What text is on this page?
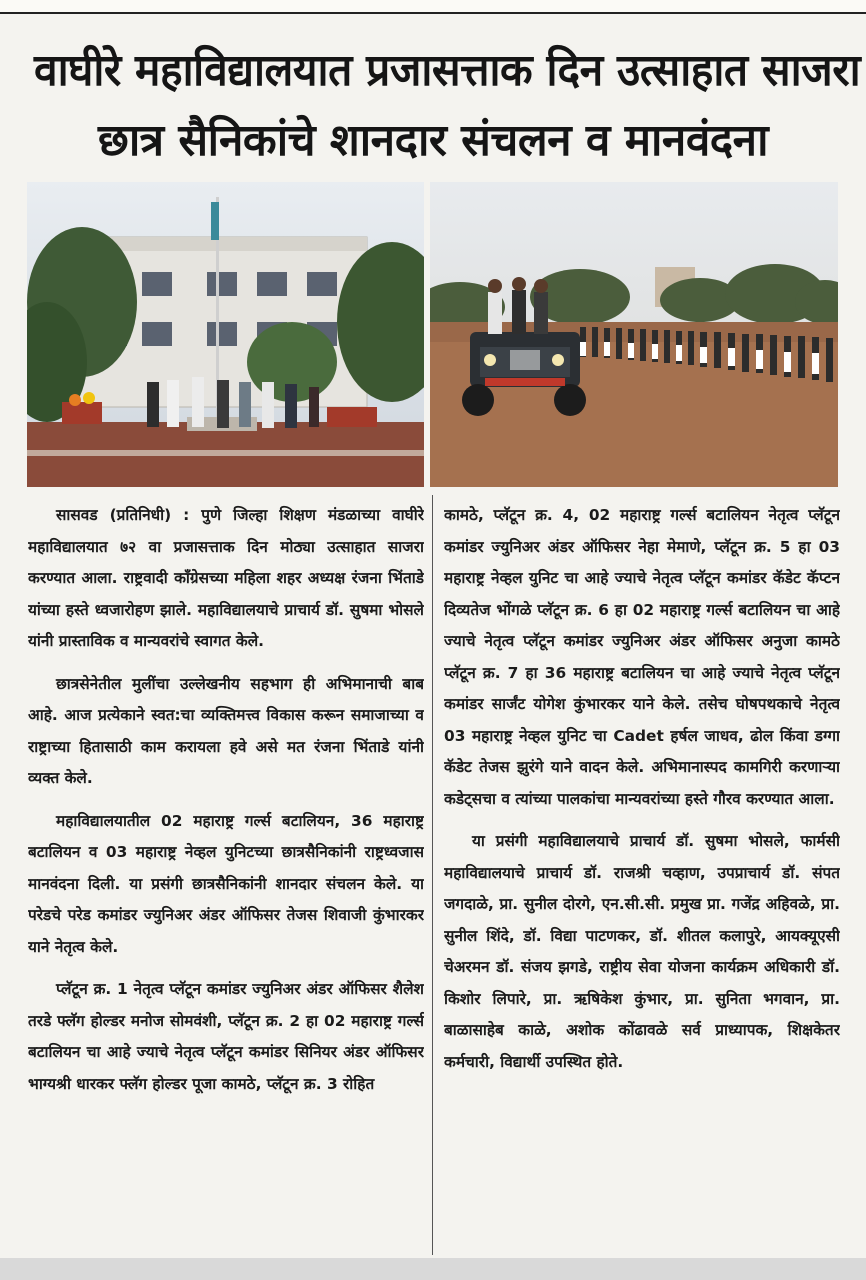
वाघीरे महाविद्यालयात प्रजासत्ताक दिन उत्साहात साजरा
छात्र सैनिकांचे शानदार संचलन व मानवंदना

सासवड (प्रतिनिधी) : पुणे जिल्हा शिक्षण मंडळाच्या वाघीरे महाविद्यालयात ७२ वा प्रजासत्ताक दिन मोठ्या उत्साहात साजरा करण्यात आला. राष्ट्रवादी काँग्रेसच्या महिला शहर अध्यक्ष रंजना भिंताडे यांच्या हस्ते ध्वजारोहण झाले. महाविद्यालयाचे प्राचार्य डॉ. सुषमा भोसले यांनी प्रास्ताविक व मान्यवरांचे स्वागत केले.

छात्रसेनेतील मुलींचा उल्लेखनीय सहभाग ही अभिमानाची बाब आहे. आज प्रत्येकाने स्वत:चा व्यक्तिमत्त्व विकास करून समाजाच्या व राष्ट्राच्या हितासाठी काम करायला हवे असे मत रंजना भिंताडे यांनी व्यक्त केले.

महाविद्यालयातील 02 महाराष्ट्र गर्ल्स बटालियन, 36 महाराष्ट्र बटालियन व 03 महाराष्ट्र नेव्हल युनिटच्या छात्रसैनिकांनी राष्ट्रध्वजास मानवंदना दिली. या प्रसंगी छात्रसैनिकांनी शानदार संचलन केले. या परेडचे परेड कमांडर ज्युनिअर अंडर ऑफिसर तेजस शिवाजी कुंभारकर याने नेतृत्व केले.

प्लॅटून क्र. 1 नेतृत्व प्लॅटून कमांडर ज्युनिअर अंडर ऑफिसर शैलेश तरडे फ्लॅग होल्डर मनोज सोमवंशी, प्लॅटून क्र. 2 हा 02 महाराष्ट्र गर्ल्स बटालियन चा आहे ज्याचे नेतृत्व प्लॅटून कमांडर सिनियर अंडर ऑफिसर भाग्यश्री धारकर फ्लॅग होल्डर पूजा कामठे, प्लॅटून क्र. 3 रोहित

कामठे, प्लॅटून क्र. 4, 02 महाराष्ट्र गर्ल्स बटालियन नेतृत्व प्लॅटून कमांडर ज्युनिअर अंडर ऑफिसर नेहा मेमाणे, प्लॅटून क्र. 5 हा 03 महाराष्ट्र नेव्हल युनिट चा आहे ज्याचे नेतृत्व प्लॅटून कमांडर कॅडेट कॅप्टन दिव्यतेज भोंगळे प्लॅटून क्र. 6 हा 02 महाराष्ट्र गर्ल्स बटालियन चा आहे ज्याचे नेतृत्व प्लॅटून कमांडर ज्युनिअर अंडर ऑफिसर अनुजा कामठे प्लॅटून क्र. 7 हा 36 महाराष्ट्र बटालियन चा आहे ज्याचे नेतृत्व प्लॅटून कमांडर सार्जंट योगेश कुंभारकर याने केले. तसेच घोषपथकाचे नेतृत्व 03 महाराष्ट्र नेव्हल युनिट चा Cadet हर्षल जाधव, ढोल किंवा डग्गा कॅडेट तेजस झुरंगे याने वादन केले. अभिमानास्पद कामगिरी करणाऱ्या कडेट्सचा व त्यांच्या पालकांचा मान्यवरांच्या हस्ते गौरव करण्यात आला.

या प्रसंगी महाविद्यालयाचे प्राचार्य डॉ. सुषमा भोसले, फार्मसी महाविद्यालयाचे प्राचार्य डॉ. राजश्री चव्हाण, उपप्राचार्य डॉ. संपत जगदाळे, प्रा. सुनील दोरगे, एन.सी.सी. प्रमुख प्रा. गजेंद्र अहिवळे, प्रा. सुनील शिंदे, डॉ. विद्या पाटणकर, डॉ. शीतल कलापुरे, आयक्यूएसी चेअरमन डॉ. संजय झगडे, राष्ट्रीय सेवा योजना कार्यक्रम अधिकारी डॉ. किशोर लिपारे, प्रा. ऋषिकेश कुंभार, प्रा. सुनिता भगवान, प्रा. बाळासाहेब काळे, अशोक कोंढावळे सर्व प्राध्यापक, शिक्षकेतर कर्मचारी, विद्यार्थी उपस्थित होते.
